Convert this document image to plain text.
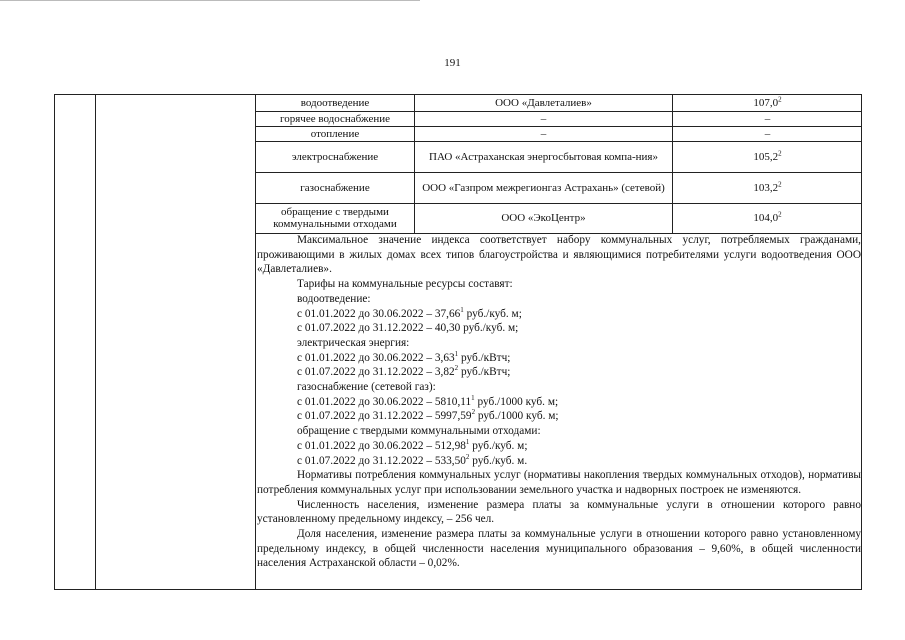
191
водоотведение	ООО «Давлеталиев»	107,0$^2$
горячее водоснабжение	–	–
отопление	–	–
электроснабжение	ПАО «Астраханская энергосбытовая компа-ния»	105,2$^2$
газоснабжение	ООО «Газпром межрегионгаз Астрахань» (сетевой)	103,2$^2$
обращение с твердыми коммунальными отходами	ООО «ЭкоЦентр»	104,0$^2$

Максимальное значение индекса соответствует набору коммунальных услуг, потребляемых гражданами, проживающими в жилых домах всех типов благоустройства и являющимися потребителями услуги водоотведения ООО «Давлеталиев».

Тарифы на коммунальные ресурсы составят:

водоотведение:

с 01.01.2022 до 30.06.2022 – 37,66$^1$ руб./куб. м;

с 01.07.2022 до 31.12.2022 – 40,30 руб./куб. м;

электрическая энергия:

с 01.01.2022 до 30.06.2022 – 3,63$^1$ руб./кВтч;

с 01.07.2022 до 31.12.2022 – 3,82$^2$ руб./кВтч;

газоснабжение (сетевой газ):

с 01.01.2022 до 30.06.2022 – 5810,11$^1$ руб./1000 куб. м;

с 01.07.2022 до 31.12.2022 – 5997,59$^2$ руб./1000 куб. м;

обращение с твердыми коммунальными отходами:

с 01.01.2022 до 30.06.2022 – 512,98$^1$ руб./куб. м;

с 01.07.2022 до 31.12.2022 – 533,50$^2$ руб./куб. м.

Нормативы потребления коммунальных услуг (нормативы накопления твердых коммунальных отходов), нормативы потребления коммунальных услуг при использовании земельного участка и надворных построек не изменяются.

Численность населения, изменение размера платы за коммунальные услуги в отношении которого равно установленному предельному индексу, – 256 чел.

Доля населения, изменение размера платы за коммунальные услуги в отношении которого равно установленному предельному индексу, в общей численности населения муниципального образования – 9,60%, в общей численности населения Астраханской области – 0,02%.
